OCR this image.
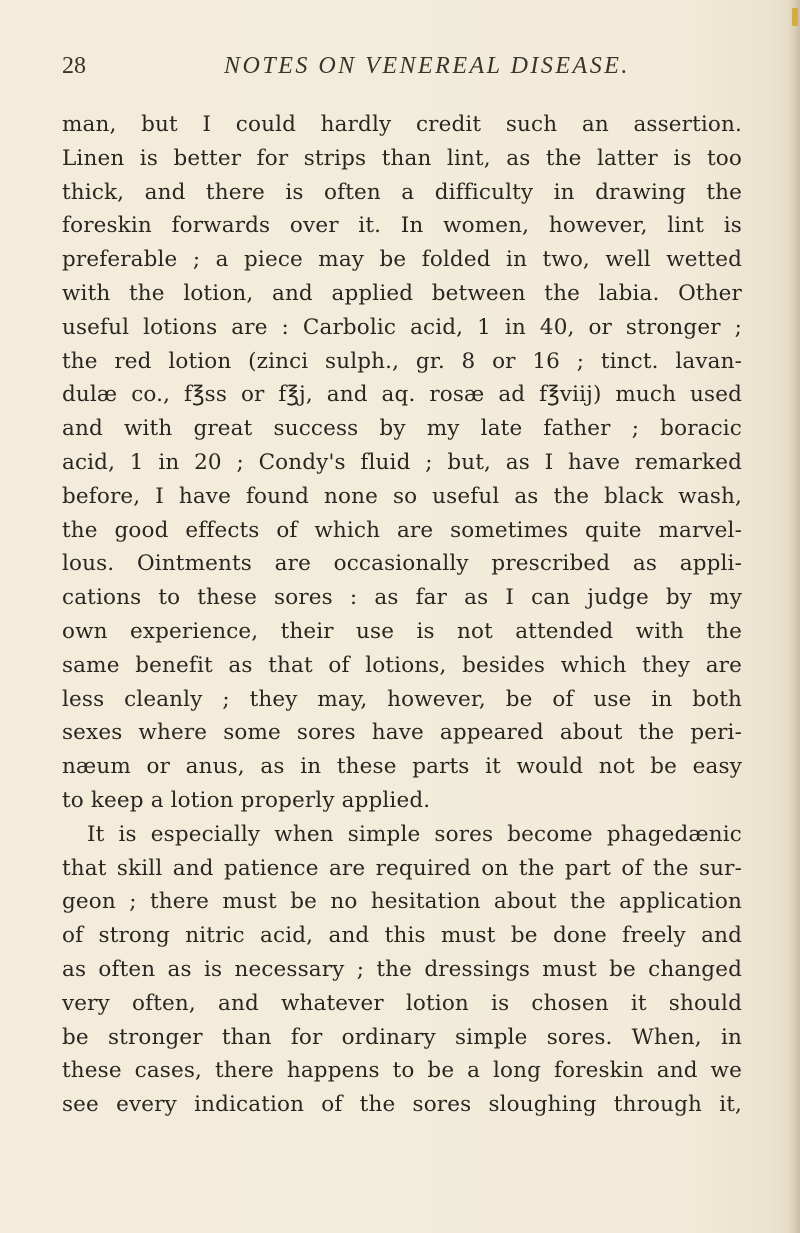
28	NOTES ON VENEREAL DISEASE.
man, but I could hardly credit such an assertion.
Linen is better for strips than lint, as the latter is too
thick, and there is often a difficulty in drawing the
foreskin forwards over it. In women, however, lint is
preferable ; a piece may be folded in two, well wetted
with the lotion, and applied between the labia. Other
useful lotions are : Carbolic acid, 1 in 40, or stronger ;
the red lotion (zinci sulph., gr. 8 or 16 ; tinct. lavan-
dulæ co., f℥ss or f℥j, and aq. rosæ ad f℥viij) much used
and with great success by my late father ; boracic
acid, 1 in 20 ; Condy's fluid ; but, as I have remarked
before, I have found none so useful as the black wash,
the good effects of which are sometimes quite marvel-
lous. Ointments are occasionally prescribed as appli-
cations to these sores : as far as I can judge by my
own experience, their use is not attended with the
same benefit as that of lotions, besides which they are
less cleanly ; they may, however, be of use in both
sexes where some sores have appeared about the peri-
næum or anus, as in these parts it would not be easy
to keep a lotion properly applied.
It is especially when simple sores become phagedænic
that skill and patience are required on the part of the sur-
geon ; there must be no hesitation about the application
of strong nitric acid, and this must be done freely and
as often as is necessary ; the dressings must be changed
very often, and whatever lotion is chosen it should
be stronger than for ordinary simple sores. When, in
these cases, there happens to be a long foreskin and we
see every indication of the sores sloughing through it,
